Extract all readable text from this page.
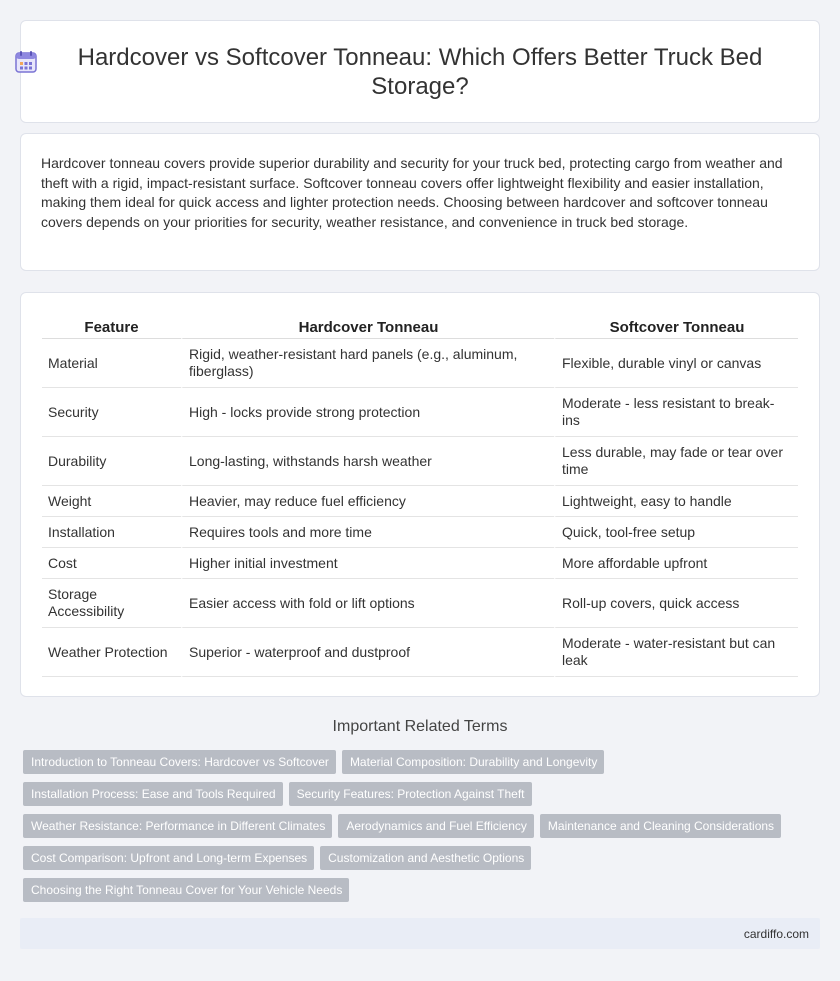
Hardcover vs Softcover Tonneau: Which Offers Better Truck Bed Storage?

Hardcover tonneau covers provide superior durability and security for your truck bed, protecting cargo from weather and theft with a rigid, impact-resistant surface. Softcover tonneau covers offer lightweight flexibility and easier installation, making them ideal for quick access and lighter protection needs. Choosing between hardcover and softcover tonneau covers depends on your priorities for security, weather resistance, and convenience in truck bed storage.

Feature	Hardcover Tonneau	Softcover Tonneau
Material	Rigid, weather-resistant hard panels (e.g., aluminum, fiberglass)	Flexible, durable vinyl or canvas
Security	High - locks provide strong protection	Moderate - less resistant to break-ins
Durability	Long-lasting, withstands harsh weather	Less durable, may fade or tear over time
Weight	Heavier, may reduce fuel efficiency	Lightweight, easy to handle
Installation	Requires tools and more time	Quick, tool-free setup
Cost	Higher initial investment	More affordable upfront
Storage Accessibility	Easier access with fold or lift options	Roll-up covers, quick access
Weather Protection	Superior - waterproof and dustproof	Moderate - water-resistant but can leak
Important Related Terms
Introduction to Tonneau Covers: Hardcover vs Softcover Material Composition: Durability and Longevity
Installation Process: Ease and Tools Required Security Features: Protection Against Theft
Weather Resistance: Performance in Different Climates Aerodynamics and Fuel Efficiency Maintenance and Cleaning Considerations
Cost Comparison: Upfront and Long-term Expenses Customization and Aesthetic Options
Choosing the Right Tonneau Cover for Your Vehicle Needs
cardiffo.com
